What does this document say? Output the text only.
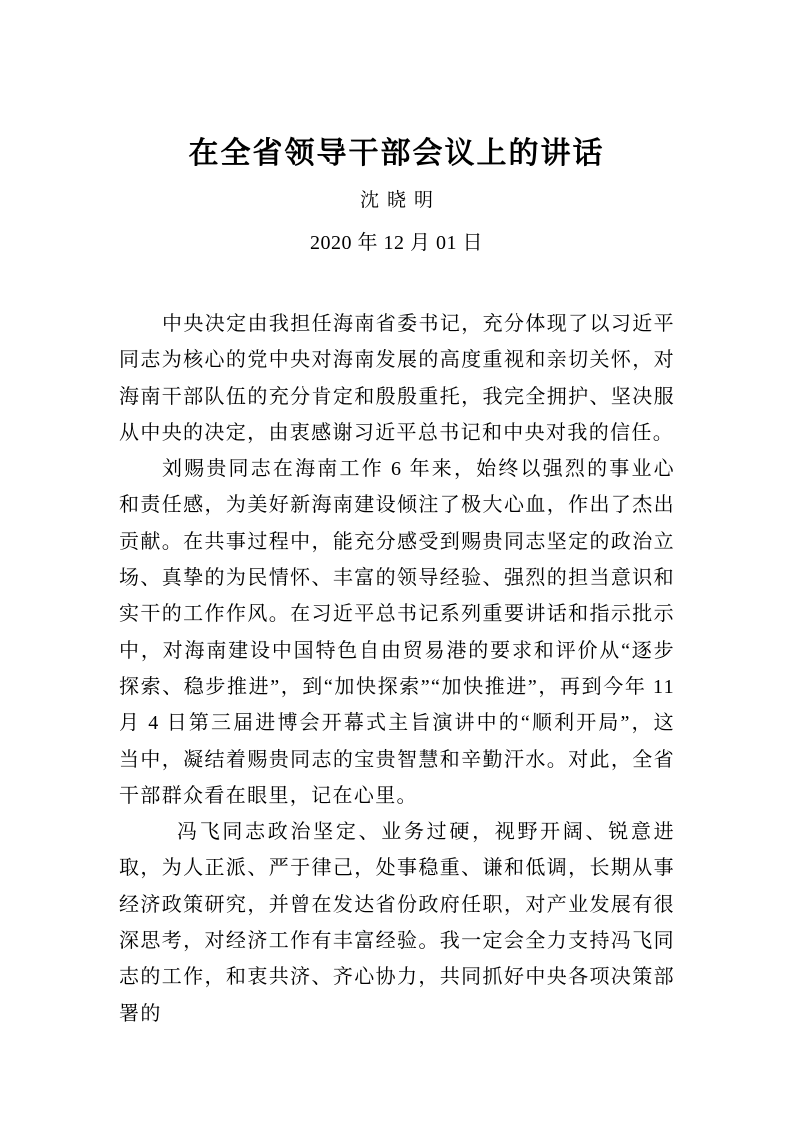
在全省领导干部会议上的讲话
沈晓明
2020 年 12 月 01 日

中央决定由我担任海南省委书记，充分体现了以习近平同志为核心的党中央对海南发展的高度重视和亲切关怀，对海南干部队伍的充分肯定和殷殷重托，我完全拥护、坚决服从中央的决定，由衷感谢习近平总书记和中央对我的信任。

刘赐贵同志在海南工作 6 年来，始终以强烈的事业心和责任感，为美好新海南建设倾注了极大心血，作出了杰出贡献。在共事过程中，能充分感受到赐贵同志坚定的政治立场、真挚的为民情怀、丰富的领导经验、强烈的担当意识和实干的工作作风。在习近平总书记系列重要讲话和指示批示中，对海南建设中国特色自由贸易港的要求和评价从“逐步探索、稳步推进”，到“加快探索”“加快推进”，再到今年 11 月 4 日第三届进博会开幕式主旨演讲中的“顺利开局”，这当中，凝结着赐贵同志的宝贵智慧和辛勤汗水。对此，全省干部群众看在眼里，记在心里。

冯飞同志政治坚定、业务过硬，视野开阔、锐意进取，为人正派、严于律己，处事稳重、谦和低调，长期从事经济政策研究，并曾在发达省份政府任职，对产业发展有很深思考，对经济工作有丰富经验。我一定会全力支持冯飞同志的工作，和衷共济、齐心协力，共同抓好中央各项决策部署的
